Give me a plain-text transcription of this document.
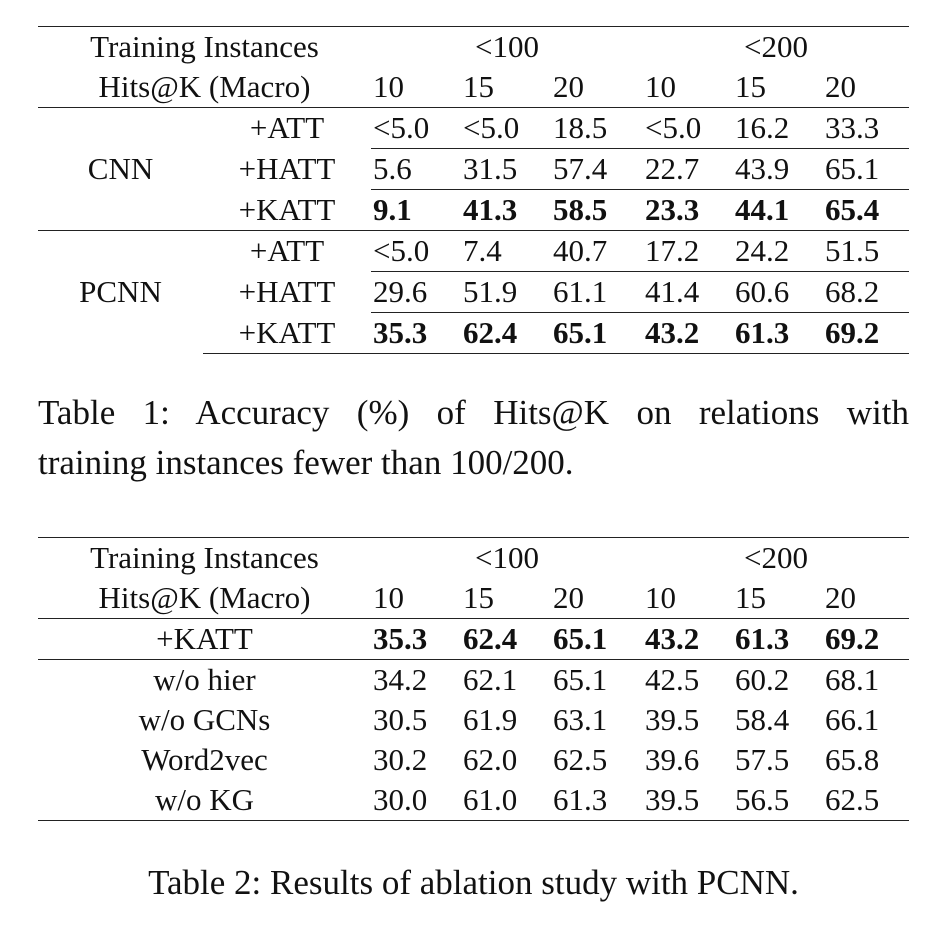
Training Instances		<100			<200		
Hits@K (Macro)		10	15	20	10	15	20
CNN	+ATT	<5.0	<5.0	18.5	<5.0	16.2	33.3
	+HATT	5.6	31.5	57.4	22.7	43.9	65.1
	+KATT	9.1	41.3	58.5	23.3	44.1	65.4
PCNN	+ATT	<5.0	7.4	40.7	17.2	24.2	51.5
	+HATT	29.6	51.9	61.1	41.4	60.6	68.2
	+KATT	35.3	62.4	65.1	43.2	61.3	69.2
Table 1: Accuracy (%) of Hits@K on relations with
training instances fewer than 100/200.
Training Instances	<100			<200		
Hits@K (Macro)	10	15	20	10	15	20
+KATT	35.3	62.4	65.1	43.2	61.3	69.2
w/o hier	34.2	62.1	65.1	42.5	60.2	68.1
w/o GCNs	30.5	61.9	63.1	39.5	58.4	66.1
Word2vec	30.2	62.0	62.5	39.6	57.5	65.8
w/o KG	30.0	61.0	61.3	39.5	56.5	62.5
Table 2: Results of ablation study with PCNN.
